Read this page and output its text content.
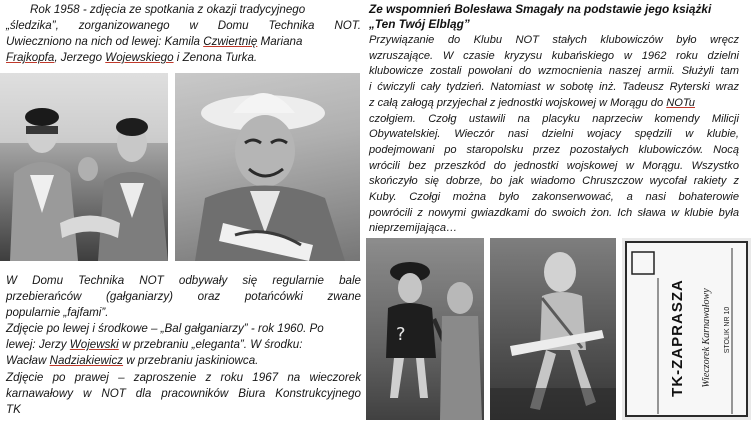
Rok 1958 - zdjęcia ze spotkania z okazji tradycyjnego
„śledzika”, zorganizowanego w Domu Technika NOT.
Uwieczniono na nich od lewej: Kamila Czwiertnię Mariana
Frajkopfa, Jerzego Wojewskiego i Zenona Turka.
W Domu Technika NOT odbywały się regularnie bale
przebierańców (gałganiarzy) oraz potańcówki zwane
popularnie „fajfami”.
Zdjęcie po lewej i środkowe – „Bal gałganiarzy” - rok 1960. Po
lewej: Jerzy Wojewski w przebraniu „eleganta”. W środku:
Wacław Nadziakiewicz w przebraniu jaskiniowca.
Zdjęcie po prawej – zaproszenie z roku 1967 na wieczorek
karnawałowy w NOT dla pracowników Biura Konstrukcyjnego
TK
Ze wspomnień Bolesława Smagały na podstawie jego książki
„Ten Twój Elbląg”
Przywiązanie do Klubu NOT stałych klubowiczów było wręcz
wzruszające. W czasie kryzysu kubańskiego w 1962 roku dzielni
klubowicze zostali powołani do wzmocnienia naszej armii. Służyli tam
i ćwiczyli cały tydzień. Natomiast w sobotę inż. Tadeusz Ryterski wraz
z całą załogą przyjechał z jednostki wojskowej w Morągu do NOTu
czołgiem. Czołg ustawili na placyku naprzeciw komendy Milicji
Obywatelskiej. Wieczór nasi dzielni wojacy spędzili w klubie,
podejmowani po staropolsku przez pozostałych klubowiczów. Nocą
wrócili bez przeszkód do jednostki wojskowej w Morągu. Wszystko
skończyło się dobrze, bo jak wiadomo Chruszczow wycofał rakiety z
Kuby. Czołgi można było zakonserwować, a nasi bohaterowie
powrócili z nowymi gwiazdkami do swoich żon. Ich sława w klubie była
nieprzemijająca…
?	TK-ZAPRASZA Wieczorek Karnawałowy STOLIK NR 10
